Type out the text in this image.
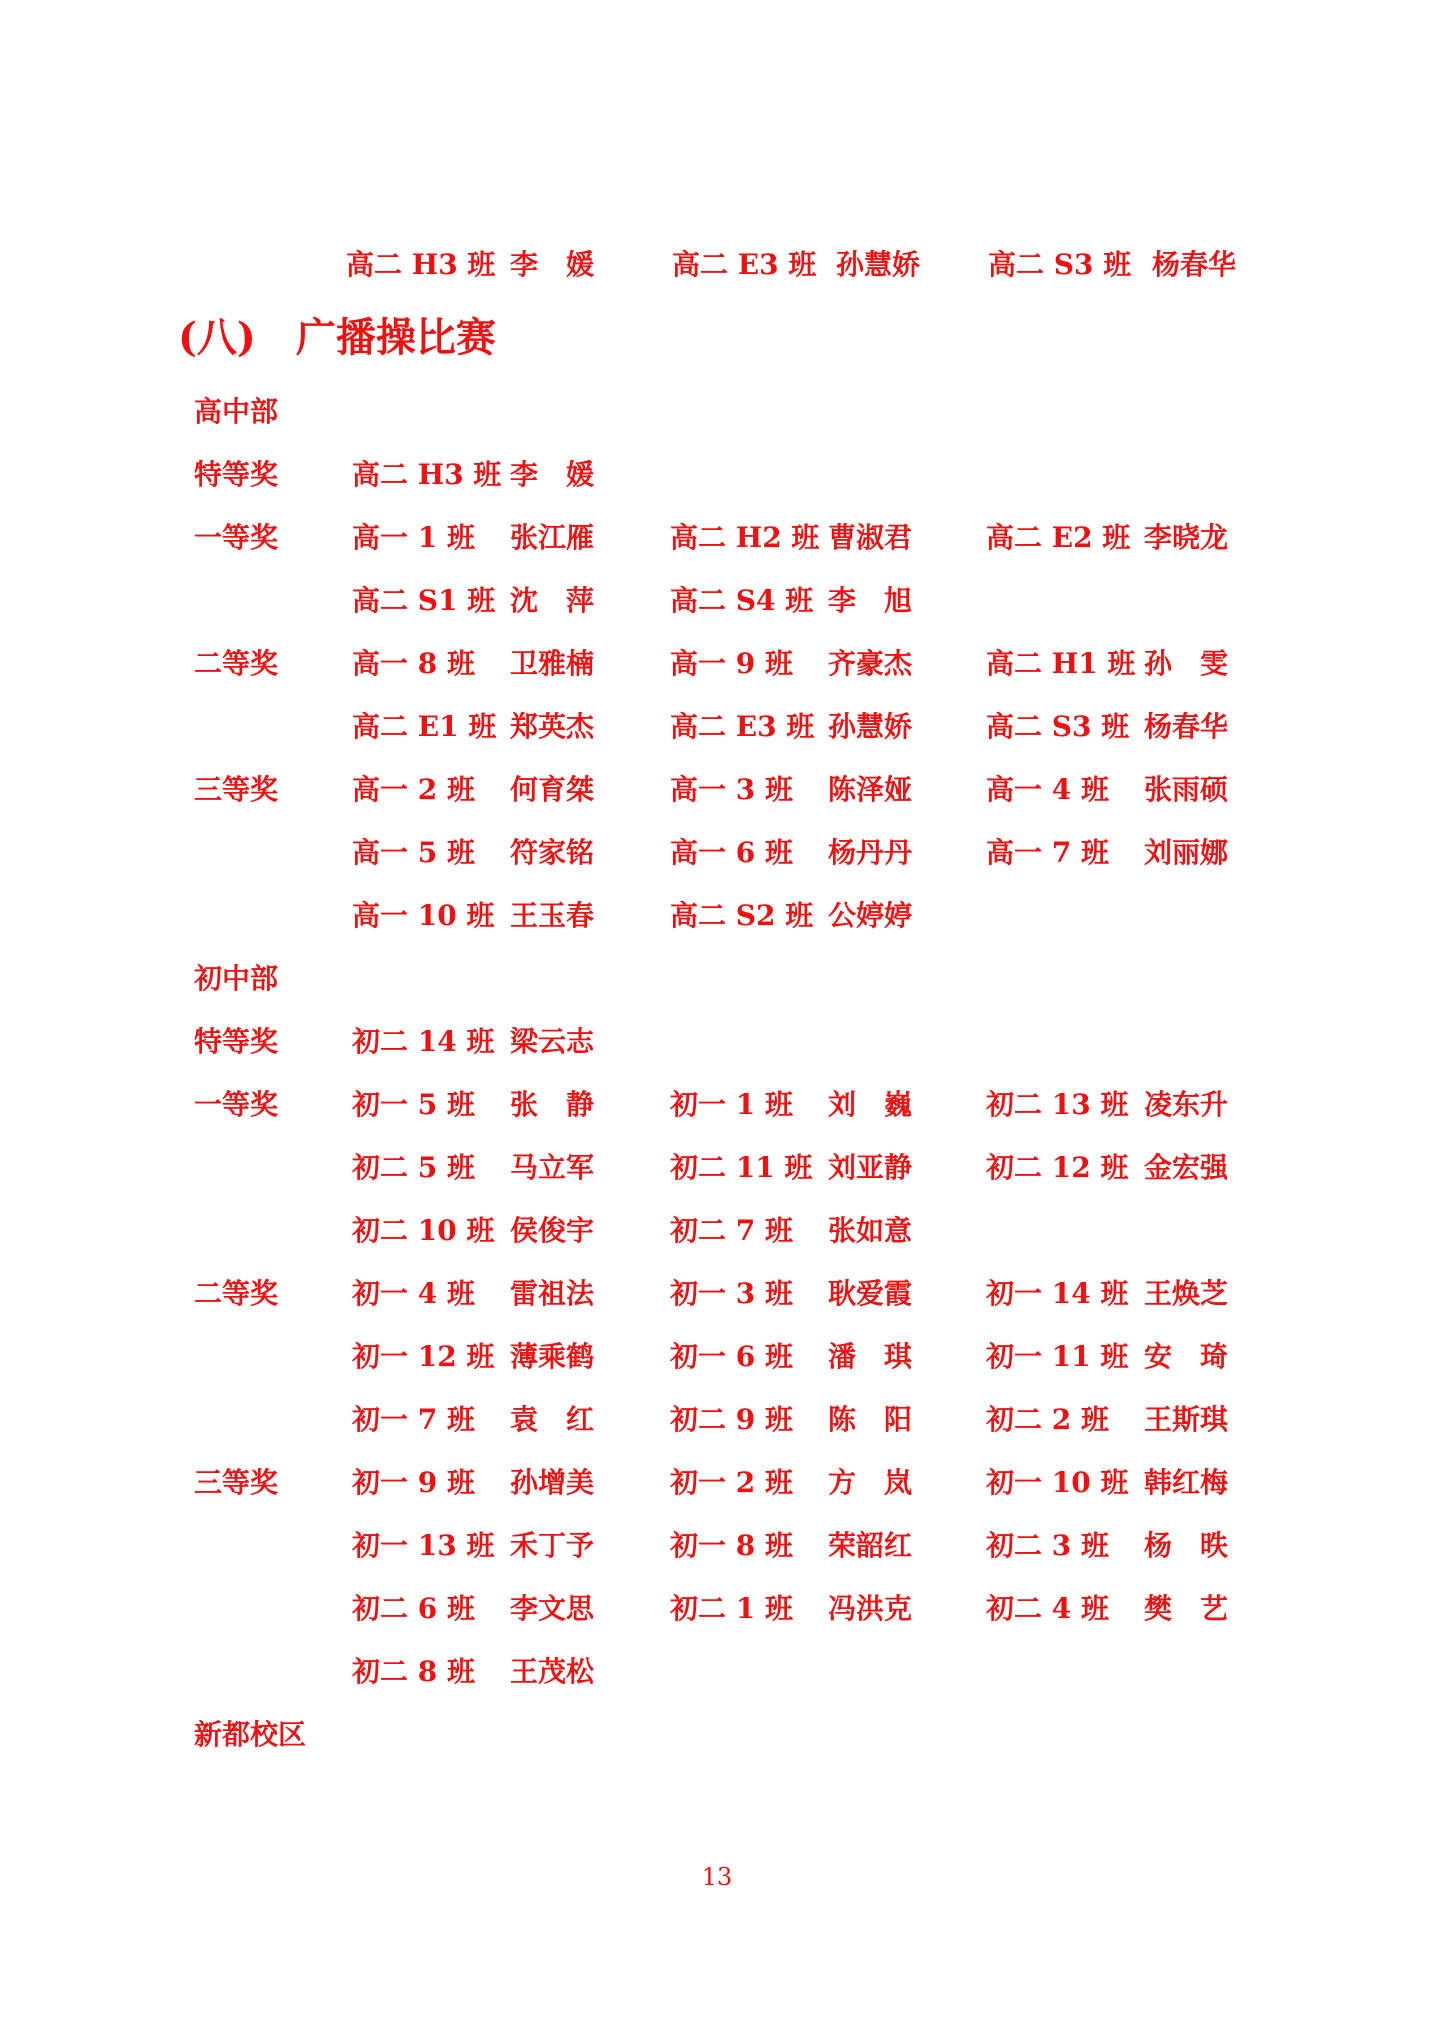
高二 H3 班 李　媛	高二 E3 班 孙慧娇 高二 S3 班 杨春华
(八)　广播操比赛
高中部
特等奖	高二 H3 班 李　媛
一等奖	高一 1 班 张江雁	高二 H2 班 曹淑君	高二 E2 班 李晓龙
高二 S1 班 沈　萍	高二 S4 班 李　旭
二等奖	高一 8 班 卫雅楠	高一 9 班 齐豪杰	高二 H1 班 孙　雯
高二 E1 班 郑英杰	高二 E3 班 孙慧娇	高二 S3 班 杨春华
三等奖	高一 2 班 何育桀	高一 3 班 陈泽娅	高一 4 班 张雨硕
高一 5 班 符家铭	高一 6 班 杨丹丹	高一 7 班 刘丽娜
高一 10 班 王玉春	高二 S2 班 公婷婷
初中部
特等奖	初二 14 班 梁云志
一等奖	初一 5 班 张　静	初一 1 班 刘　巍	初二 13 班 凌东升
初二 5 班 马立军	初二 11 班 刘亚静	初二 12 班 金宏强
初二 10 班 侯俊宇	初二 7 班 张如意
二等奖	初一 4 班 雷祖法	初一 3 班 耿爱霞	初一 14 班 王焕芝
初一 12 班 薄乘鹤	初一 6 班 潘　琪	初一 11 班 安　琦
初一 7 班 袁　红	初二 9 班 陈　阳	初二 2 班 王斯琪
三等奖	初一 9 班 孙增美	初一 2 班 方　岚	初一 10 班 韩红梅
初一 13 班 禾丁予	初一 8 班 荣韶红	初二 3 班 杨　昳
初二 6 班 李文思	初二 1 班 冯洪克	初二 4 班 樊　艺
初二 8 班 王茂松
新都校区
13
